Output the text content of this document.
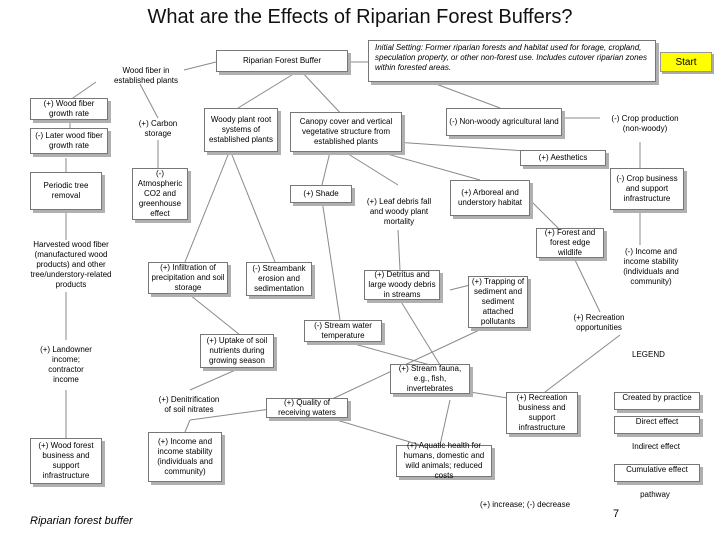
What are the Effects of Riparian Forest Buffers?
Riparian Forest Buffer
Initial Setting: Former riparian forests and habitat used for forage, cropland, speculation property, or other non-forest use. Includes cutover riparian zones within forested areas.	Start
Wood fiber in established plants
(+) Wood fiber growth rate
(-) Later wood fiber growth rate
(+) Carbon storage
Woody plant root systems of established plants
Canopy cover and vertical vegetative structure from established plants
(-) Non-woody agricultural land	(-) Crop production (non-woody)
(+) Aesthetics
Periodic tree removal
(-) Atmospheric CO2 and greenhouse effect
(+) Shade
(+) Leaf debris fall and woody plant mortality
(+) Arboreal and understory habitat
(-) Crop business and support infrastructure
Harvested wood fiber (manufactured wood products) and other tree/understory-related products
(+) Forest and forest edge wildlife
(+) Infiltration of precipitation and soil storage
(-) Streambank erosion and sedimentation
(+) Detritus and large woody debris in streams
(+) Trapping of sediment and sediment attached pollutants
(-) Income and income stability (individuals and community)
(+) Recreation opportunities
(-) Stream water temperature
(+) Landowner income; contractor income
(+) Uptake of soil nutrients during growing season
(+) Stream fauna, e.g., fish, invertebrates
(+) Denitrification of soil nitrates
(+) Quality of receiving waters
(+) Recreation business and support infrastructure
(+) Wood forest business and support infrastructure
(+) Income and income stability (individuals and community)
(+) Aquatic health for humans, domestic and wild animals; reduced costs
LEGEND
Created by practice
Direct effect
Indirect effect
Cumulative effect
pathway
(+) increase; (-) decrease
Riparian forest buffer
7
